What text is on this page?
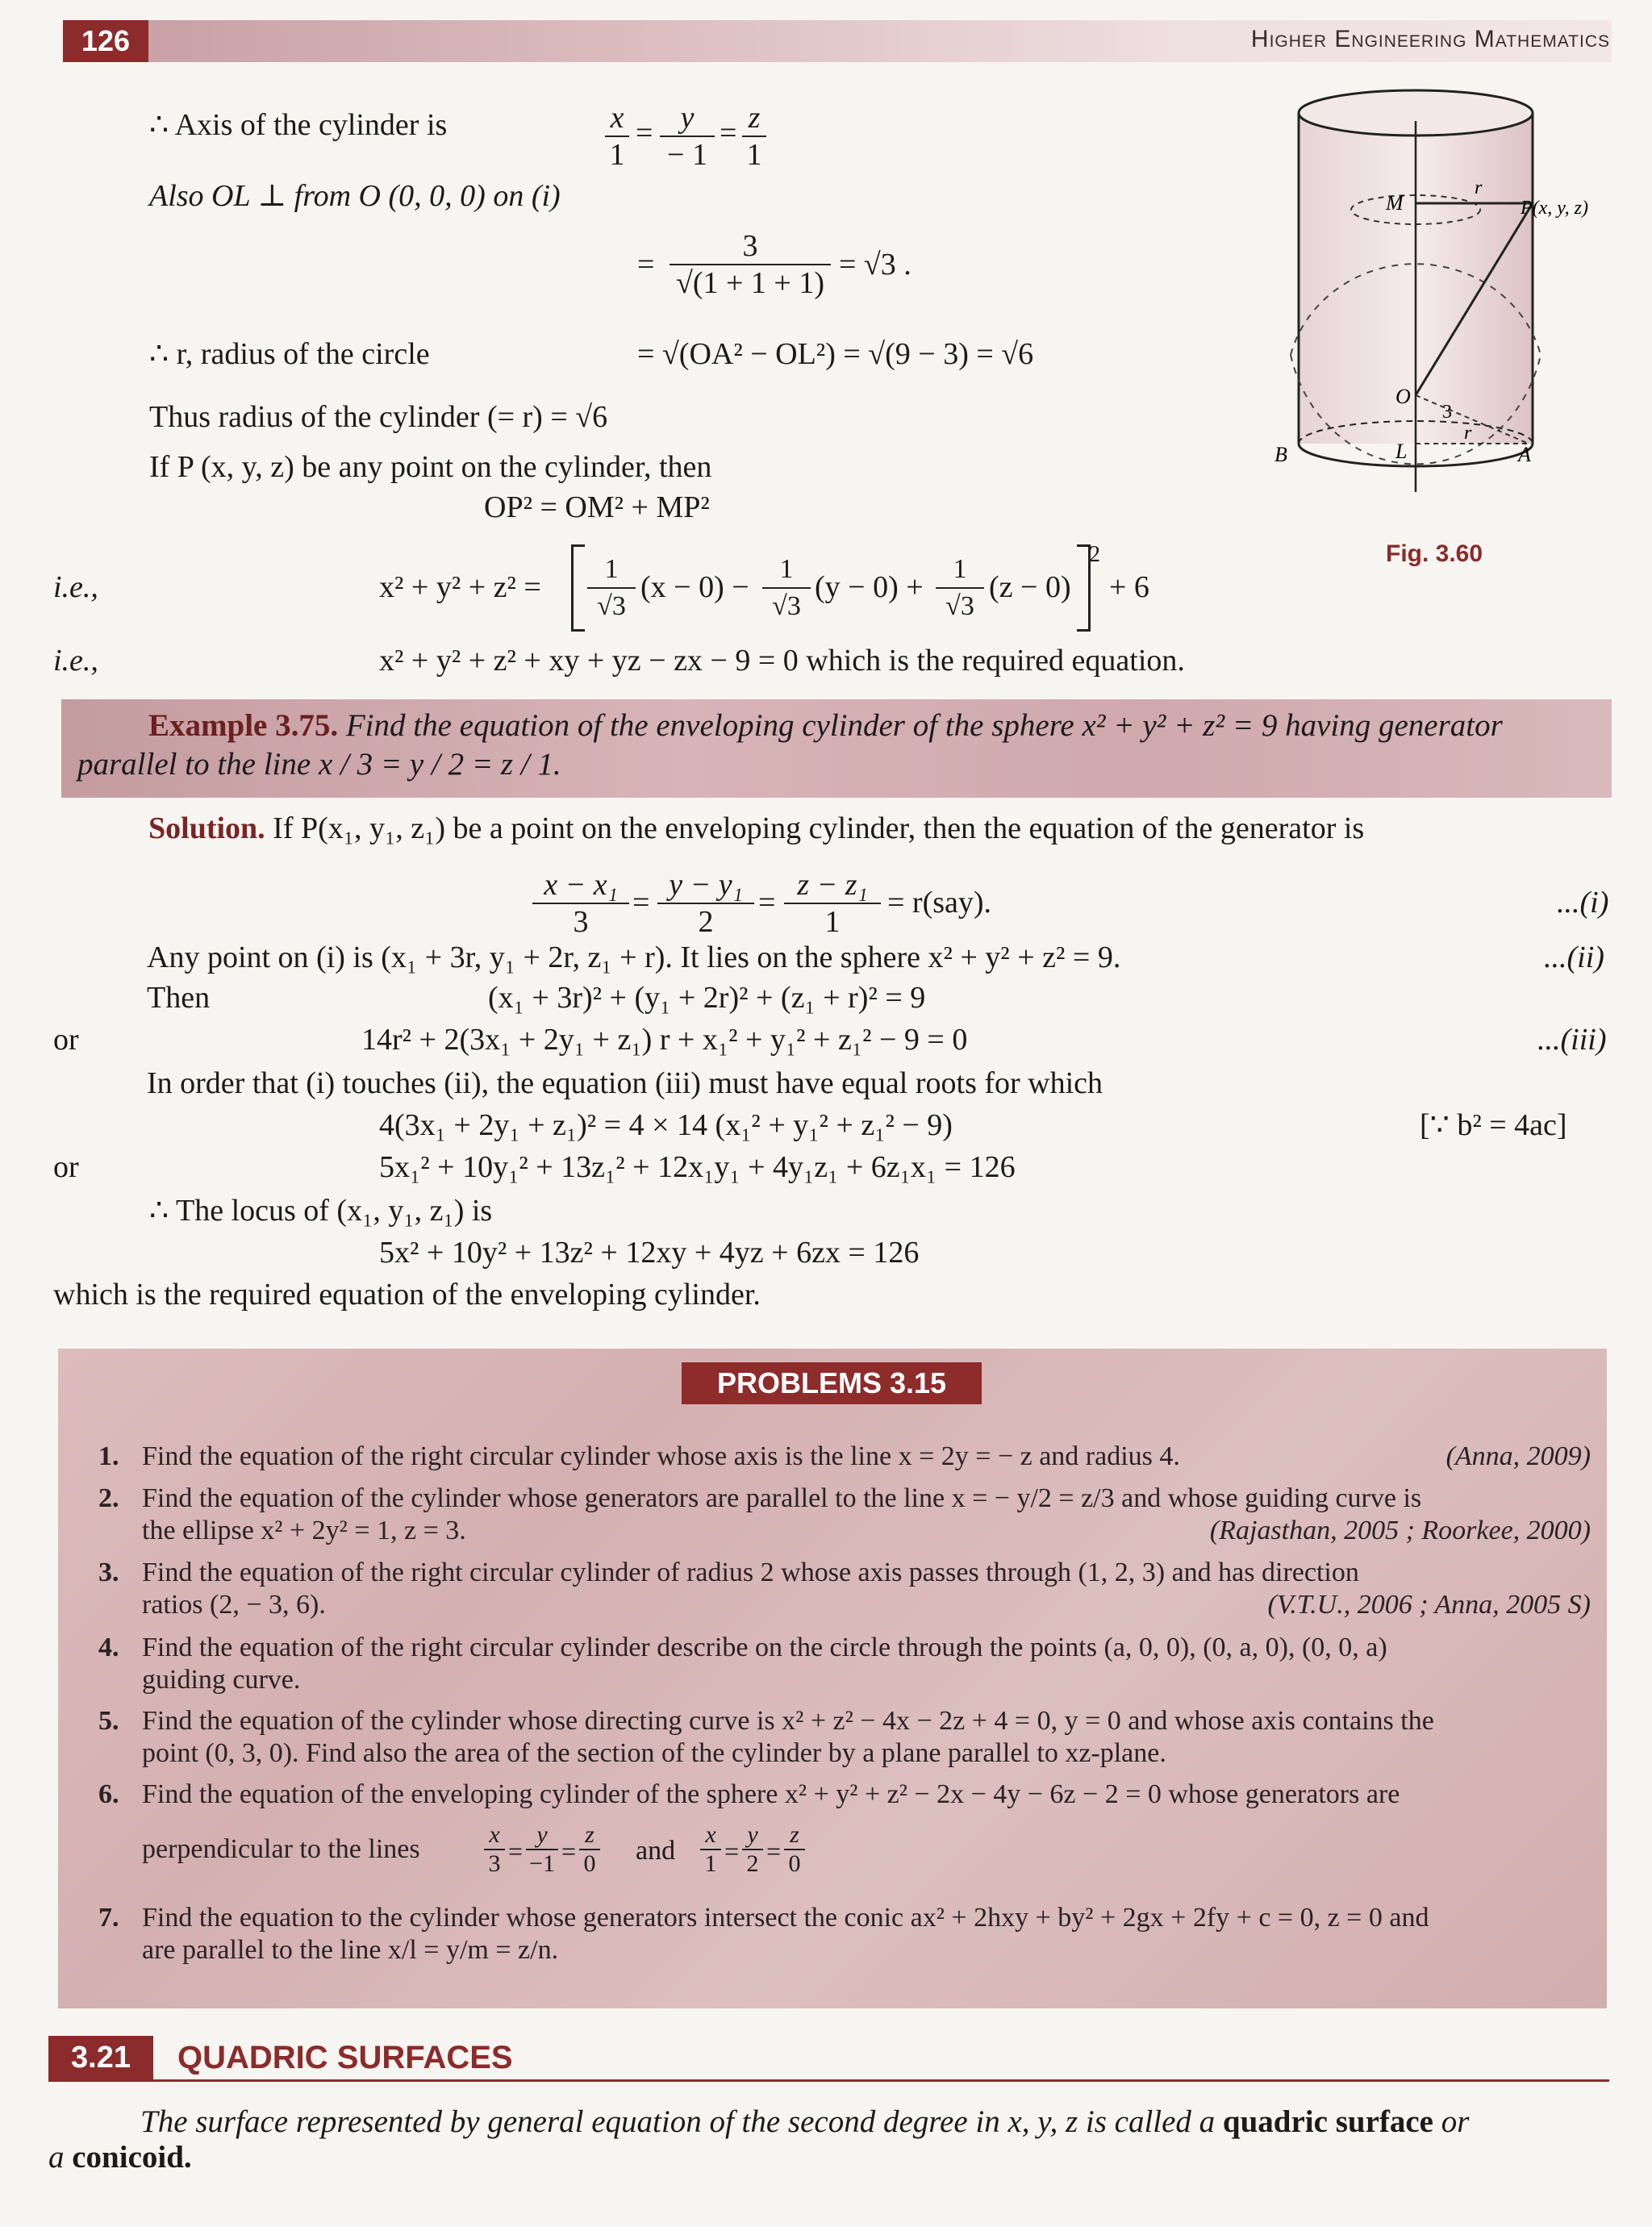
126	Higher Engineering Mathematics
∴ Axis of the cylinder is	$\frac{x}{1} = \frac{y}{- 1} = \frac{z}{1}$
Also OL ⊥ from O (0, 0, 0) on (i)
= $\frac{3}{√(1 + 1 + 1)} = √3$ .
∴ r, radius of the circle	= √(OA² − OL²) = √(9 − 3) = √6
Thus radius of the cylinder (= r) = √6
If P (x, y, z) be any point on the cylinder, then
OP² = OM² + MP²
i.e.,	$x^2 + y^2 + z^2 = \frac{1}{√3} (x - 0) - \frac{1}{√3} (y - 0) + \frac{1}{√3} (z - 0)$
2
+ 6
i.e.,	x² + y² + z² + xy + yz − zx − 9 = 0 which is the required equation.
M
r
P(x, y, z)
O
3
B	L
r
A
Fig. 3.60
Example 3.75. Find the equation of the enveloping cylinder of the sphere x² + y² + z² = 9 having generator parallel to the line x / 3 = y / 2 = z / 1.
Solution. If P(x₁, y₁, z₁) be a point on the enveloping cylinder, then the equation of the generator is
$\frac{\text{x − x₁}}{3} = \frac{\text{y − y₁}}{2} = \frac{\text{z − z₁}}{1} = r(say)$.	...(i)
Any point on (i) is (x₁ + 3r, y₁ + 2r, z₁ + r). It lies on the sphere x² + y² + z² = 9.	...(ii)
Then	(x₁ + 3r)² + (y₁ + 2r)² + (z₁ + r)² = 9
or	14r² + 2(3x₁ + 2y₁ + z₁) r + x₁² + y₁² + z₁² − 9 = 0	...(iii)
In order that (i) touches (ii), the equation (iii) must have equal roots for which
4(3x₁ + 2y₁ + z₁)² = 4 × 14 (x₁² + y₁² + z₁² − 9)	[∵ b² = 4ac]
or	5x₁² + 10y₁² + 13z₁² + 12x₁y₁ + 4y₁z₁ + 6z₁x₁ = 126
∴ The locus of (x₁, y₁, z₁) is
5x² + 10y² + 13z² + 12xy + 4yz + 6zx = 126
which is the required equation of the enveloping cylinder.
PROBLEMS 3.15
1. Find the equation of the right circular cylinder whose axis is the line x = 2y = − z and radius 4.	(Anna, 2009)
2. Find the equation of the cylinder whose generators are parallel to the line x = − y/2 = z/3 and whose guiding curve is
the ellipse x² + 2y² = 1, z = 3.	(Rajasthan, 2005 ; Roorkee, 2000)
3. Find the equation of the right circular cylinder of radius 2 whose axis passes through (1, 2, 3) and has direction
ratios (2, − 3, 6).	(V.T.U., 2006 ; Anna, 2005 S)
4. Find the equation of the right circular cylinder describe on the circle through the points (a, 0, 0), (0, a, 0), (0, 0, a)
guiding curve.
5. Find the equation of the cylinder whose directing curve is x² + z² − 4x − 2z + 4 = 0, y = 0 and whose axis contains the
point (0, 3, 0). Find also the area of the section of the cylinder by a plane parallel to xz-plane.
6. Find the equation of the enveloping cylinder of the sphere x² + y² + z² − 2x − 4y − 6z − 2 = 0 whose generators are
perpendicular to the lines	$\frac{x}{3} = \frac{y}{-1} = \frac{z}{0}$ and $\frac{x}{1} = \frac{y}{2} = \frac{z}{0}$
7. Find the equation to the cylinder whose generators intersect the conic ax² + 2hxy + by² + 2gx + 2fy + c = 0, z = 0 and
are parallel to the line x/l = y/m = z/n.
3.21	QUADRIC SURFACES
The surface represented by general equation of the second degree in x, y, z is called a quadric surface or
a conicoid.
